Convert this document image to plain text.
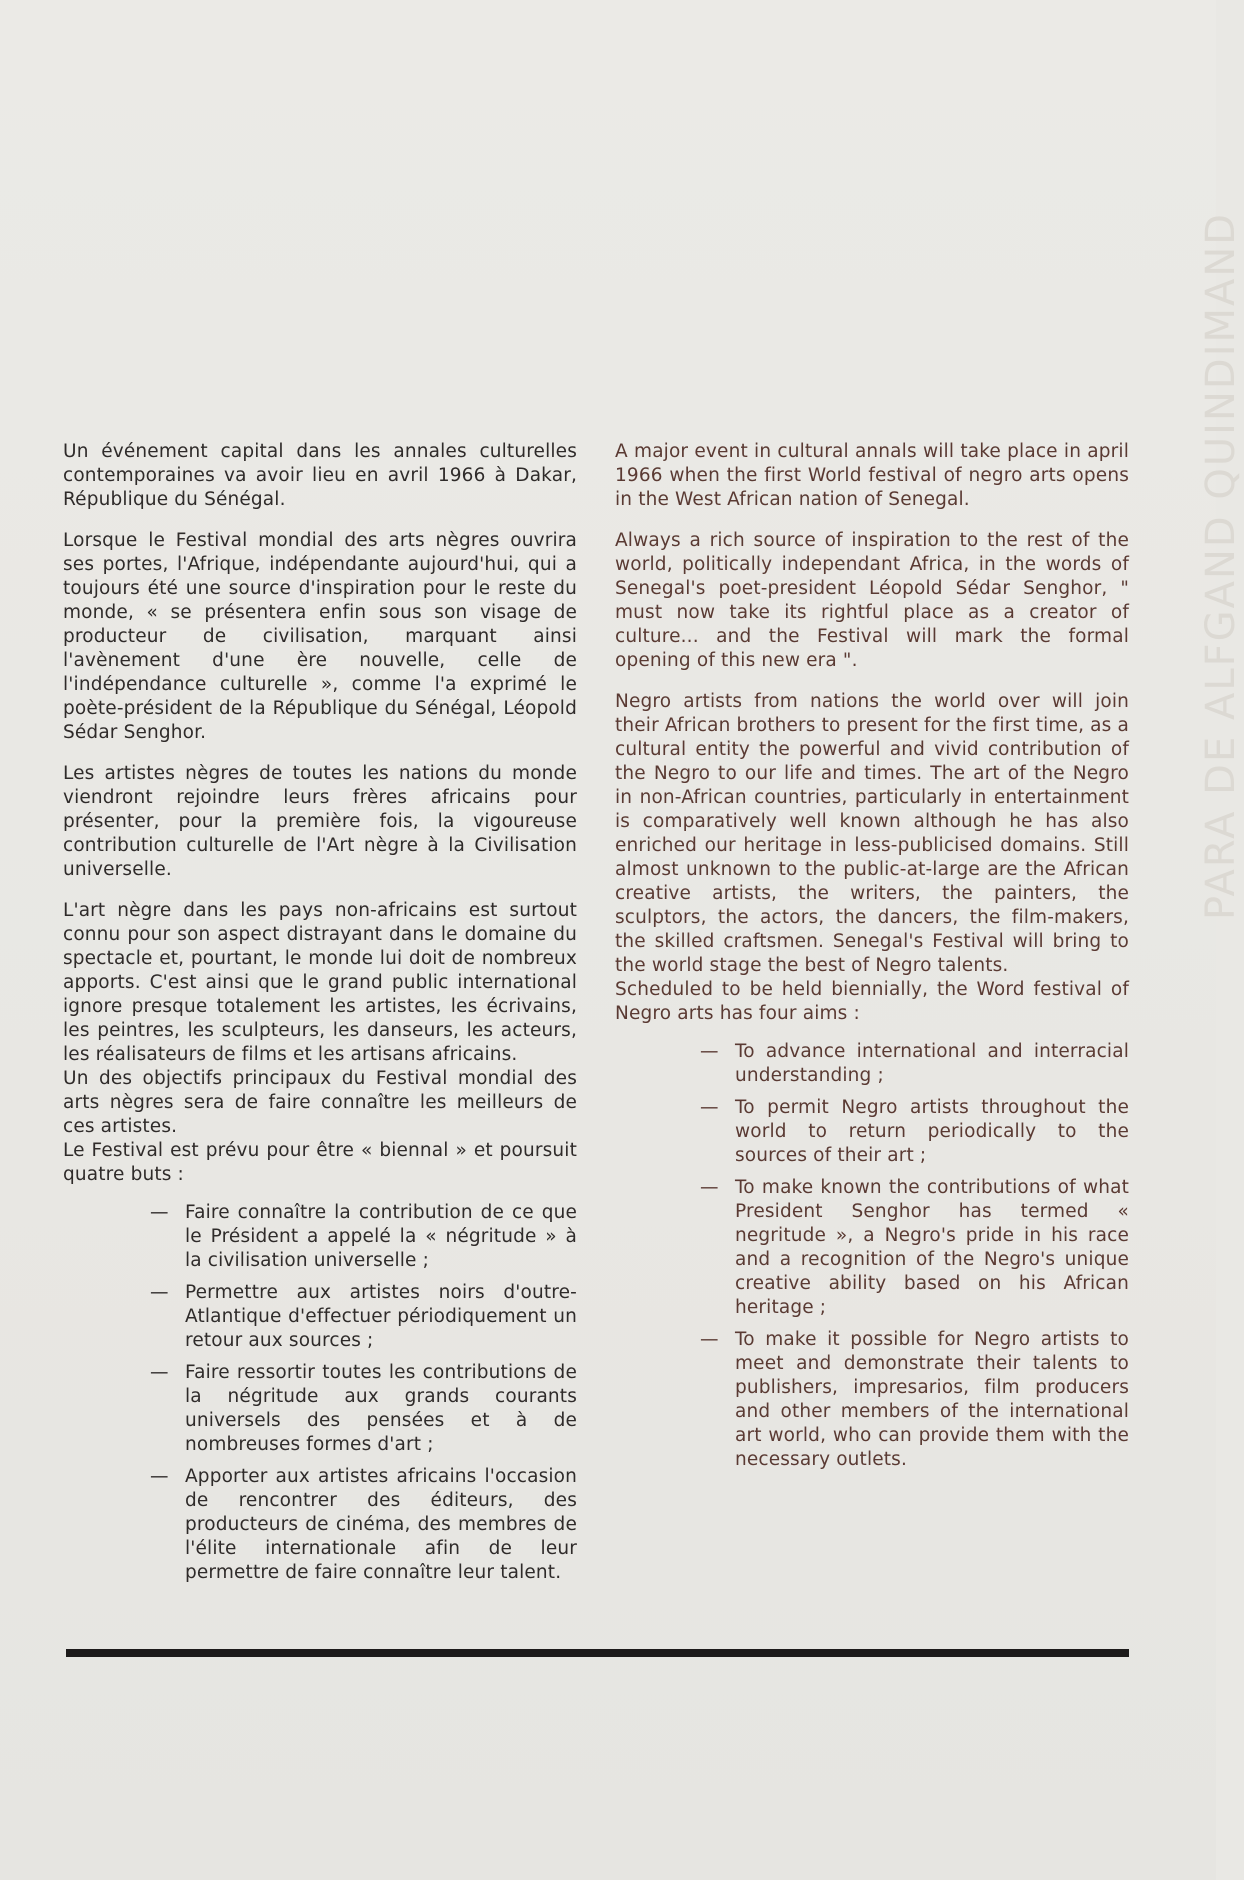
Un événement capital dans les annales culturelles contemporaines va avoir lieu en avril 1966 à Dakar, République du Sénégal.

Lorsque le Festival mondial des arts nègres ouvrira ses portes, l'Afrique, indépendante aujourd'hui, qui a toujours été une source d'inspiration pour le reste du monde, « se présentera enfin sous son visage de producteur de civilisation, marquant ainsi l'avènement d'une ère nouvelle, celle de l'indépendance culturelle », comme l'a exprimé le poète-président de la République du Sénégal, Léopold Sédar Senghor.

Les artistes nègres de toutes les nations du monde viendront rejoindre leurs frères africains pour présenter, pour la première fois, la vigoureuse contribution culturelle de l'Art nègre à la Civilisation universelle.

L'art nègre dans les pays non-africains est surtout connu pour son aspect distrayant dans le domaine du spectacle et, pourtant, le monde lui doit de nombreux apports. C'est ainsi que le grand public international ignore presque totalement les artistes, les écrivains, les peintres, les sculpteurs, les danseurs, les acteurs, les réalisateurs de films et les artisans africains.

Un des objectifs principaux du Festival mondial des arts nègres sera de faire connaître les meilleurs de ces artistes.

Le Festival est prévu pour être « biennal » et poursuit quatre buts :

— Faire connaître la contribution de ce que le Président a appelé la « négritude » à la civilisation universelle ;
— Permettre aux artistes noirs d'outre-Atlantique d'effectuer périodiquement un retour aux sources ;
— Faire ressortir toutes les contributions de la négritude aux grands courants universels des pensées et à de nombreuses formes d'art ;
— Apporter aux artistes africains l'occasion de rencontrer des éditeurs, des producteurs de cinéma, des membres de l'élite internationale afin de leur permettre de faire connaître leur talent.

A major event in cultural annals will take place in april 1966 when the first World festival of negro arts opens in the West African nation of Senegal.

Always a rich source of inspiration to the rest of the world, politically independant Africa, in the words of Senegal's poet-president Léopold Sédar Senghor, " must now take its rightful place as a creator of culture... and the Festival will mark the formal opening of this new era ".

Negro artists from nations the world over will join their African brothers to present for the first time, as a cultural entity the powerful and vivid contribution of the Negro to our life and times. The art of the Negro in non-African countries, particularly in entertainment is comparatively well known although he has also enriched our heritage in less-publicised domains. Still almost unknown to the public-at-large are the African creative artists, the writers, the painters, the sculptors, the actors, the dancers, the film-makers, the skilled craftsmen. Senegal's Festival will bring to the world stage the best of Negro talents.

Scheduled to be held biennially, the Word festival of Negro arts has four aims :

— To advance international and interracial understanding ;
— To permit Negro artists throughout the world to return periodically to the sources of their art ;
— To make known the contributions of what President Senghor has termed « negritude », a Negro's pride in his race and a recognition of the Negro's unique creative ability based on his African heritage ;
— To make it possible for Negro artists to meet and demonstrate their talents to publishers, impresarios, film producers and other members of the international art world, who can provide them with the necessary outlets.
PARA DE ALFGAND QUINDIMAND
